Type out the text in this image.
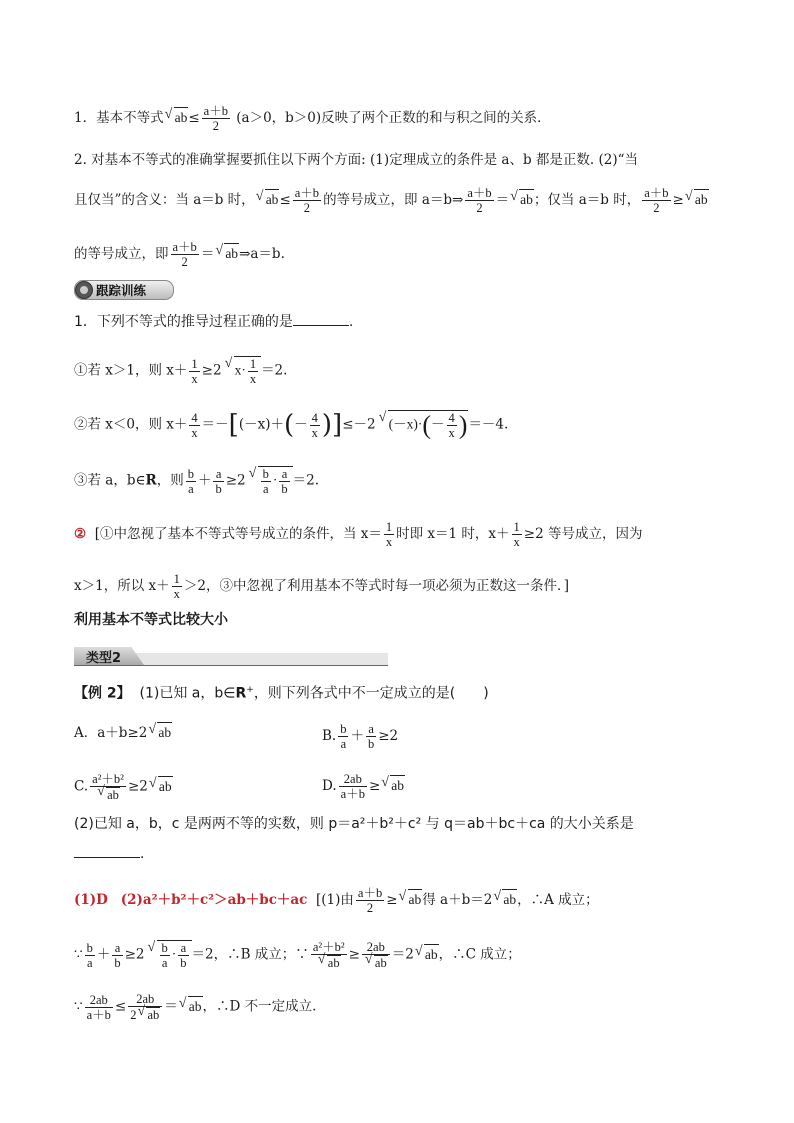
1．基本不等式√ $ab\le \frac{a+b}{2} (a>0$，b＞0)反映了两个正数的和与积之间的关系．
2. 对基本不等式的准确掌握要抓住以下两个方面: (1)定理成立的条件是 a、b 都是正数. (2)“当
且仅当”的含义：当 a＝b 时，√ $ab\le \frac{a+b}{2}$ 的等号成立，即 a＝b⇒ $\frac{a+b}{2}$ ＝√ ab；仅当 a＝b 时， $\frac{a+b}{2}$ ≥√ ab
的等号成立，即 $\frac{a+b}{2}$ ＝√ ab⇒a＝b.
跟踪训练
1．下列不等式的推导过程正确的是	.
①若 x＞1，则 $x+ \frac{1}{x} \ge 2√$ $x\cdot \frac{1}{x} =2$.
②若 x＜0，则 $x+ \frac{4}{x} =-[(-x)+(- \frac{4}{x} )]\le-2√$ $(-x)\cdot(- \frac{4}{x} )=-4$.
③若 a，b∈R，则 $\frac{b}{a} + \frac{a}{b} \ge 2$
√ $\frac{b}{a} \cdot \frac{a}{b} =2$.
② [①中忽视了基本不等式等号成立的条件，当 $x= \frac{1}{x}$ 时即 x＝1 时，$x+ \frac{1}{x} \ge 2$ 等号成立，因为
x＞1，所以 $x+ \frac{1}{x} >2$，③中忽视了利用基本不等式时每一项必须为正数这一条件．]
利用基本不等式比较大小
类型2
【例 2】 (1)已知 a，b∈R+，则下列各式中不一定成立的是(　　)
A．a＋b≥2√ ab	B. $\frac{b}{a} + \frac{a}{b} \ge 2$
C. a²＋b²
√ ab ≥2√ ab	D. $\frac{2ab}{a+b}$ ≥√ ab
(2)已知 a，b，c 是两两不等的实数，则 p＝a²＋b²＋c² 与 q＝ab＋bc＋ca 的大小关系是
.
(1)D (2)a²＋b²＋c²＞ab＋bc＋ac [(1)由 $\frac{a+b}{2}$ ≥√ ab得 a＋b＝2√ ab，∴A 成立；
∵ $\frac{b}{a} + \frac{a}{b} \ge 2$
√ $\frac{b}{a} \cdot \frac{a}{b} =2$，∴B 成立；∵ a²＋b²
√ ab ≥ 2ab
√ ab ＝2√ ab，∴C 成立；
∵ $\frac{2ab}{a+b} \le \frac{2ab}{2√ ab}$ ＝√ ab，∴D 不一定成立.
